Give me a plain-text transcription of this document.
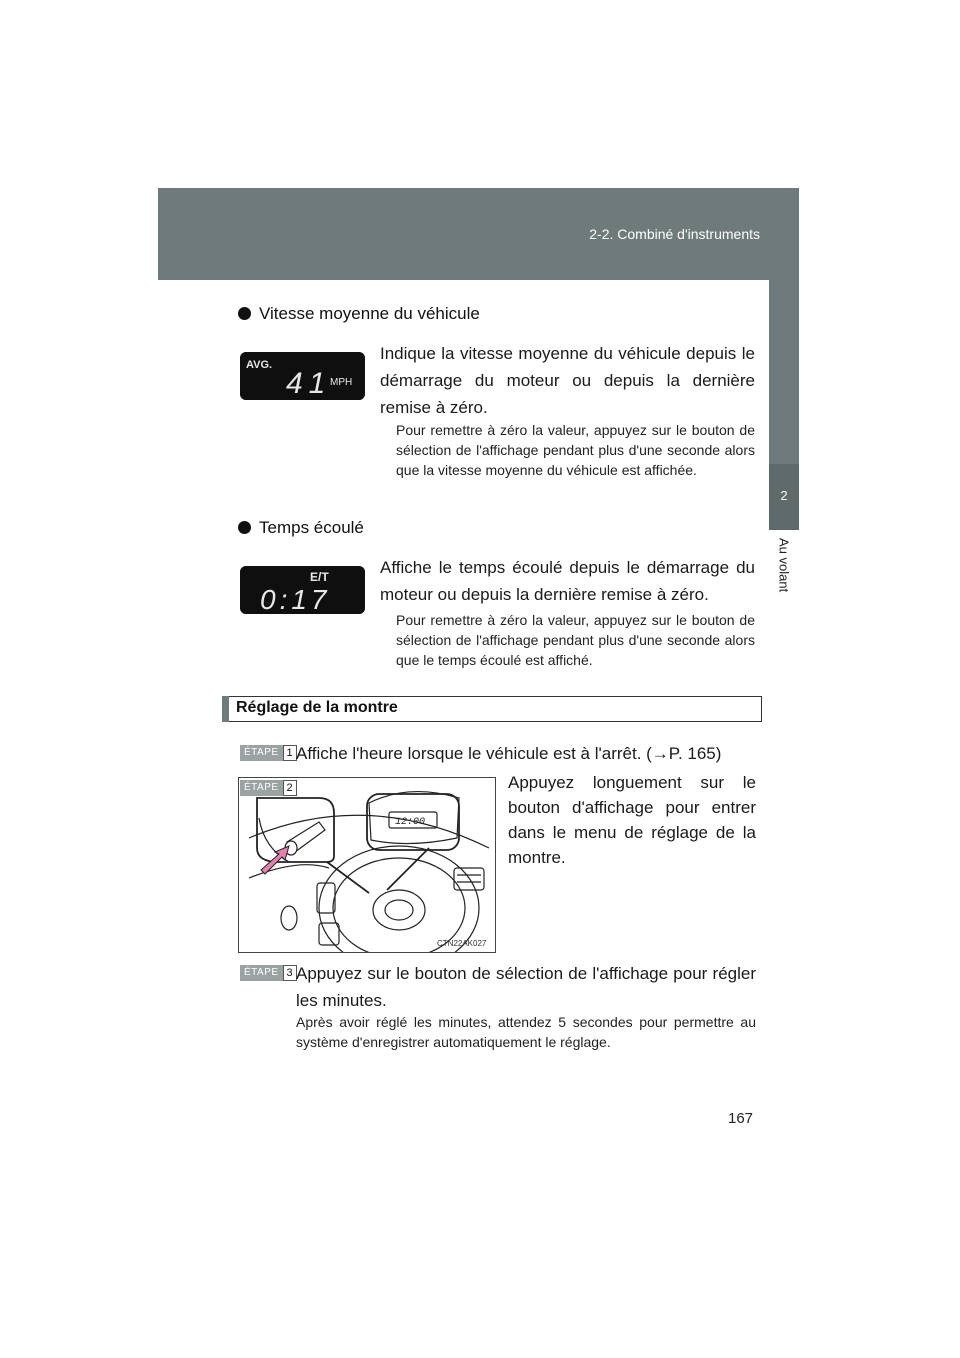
2-2. Combiné d'instruments
2
Au volant
Vitesse moyenne du véhicule
AVG.
41
MPH
Indique la vitesse moyenne du véhicule depuis le démarrage du moteur ou depuis la dernière remise à zéro.
Pour remettre à zéro la valeur, appuyez sur le bouton de sélection de l'affichage pendant plus d'une seconde alors que la vitesse moyenne du véhicule est affichée.
Temps écoulé
E/T
0:17
Affiche le temps écoulé depuis le démarrage du moteur ou depuis la dernière remise à zéro.
Pour remettre à zéro la valeur, appuyez sur le bouton de sélection de l'affichage pendant plus d'une seconde alors que le temps écoulé est affiché.
Réglage de la montre
ÉTAPE 1 Affiche l'heure lorsque le véhicule est à l'arrêt. (→P. 165)
12:00
CTN22AK027
ÉTAPE 2	Appuyez longuement sur le bouton d'affichage pour entrer dans le menu de réglage de la montre.
ÉTAPE 3 Appuyez sur le bouton de sélection de l'affichage pour régler les minutes.
Après avoir réglé les minutes, attendez 5 secondes pour permettre au système d'enregistrer automatiquement le réglage.
167
